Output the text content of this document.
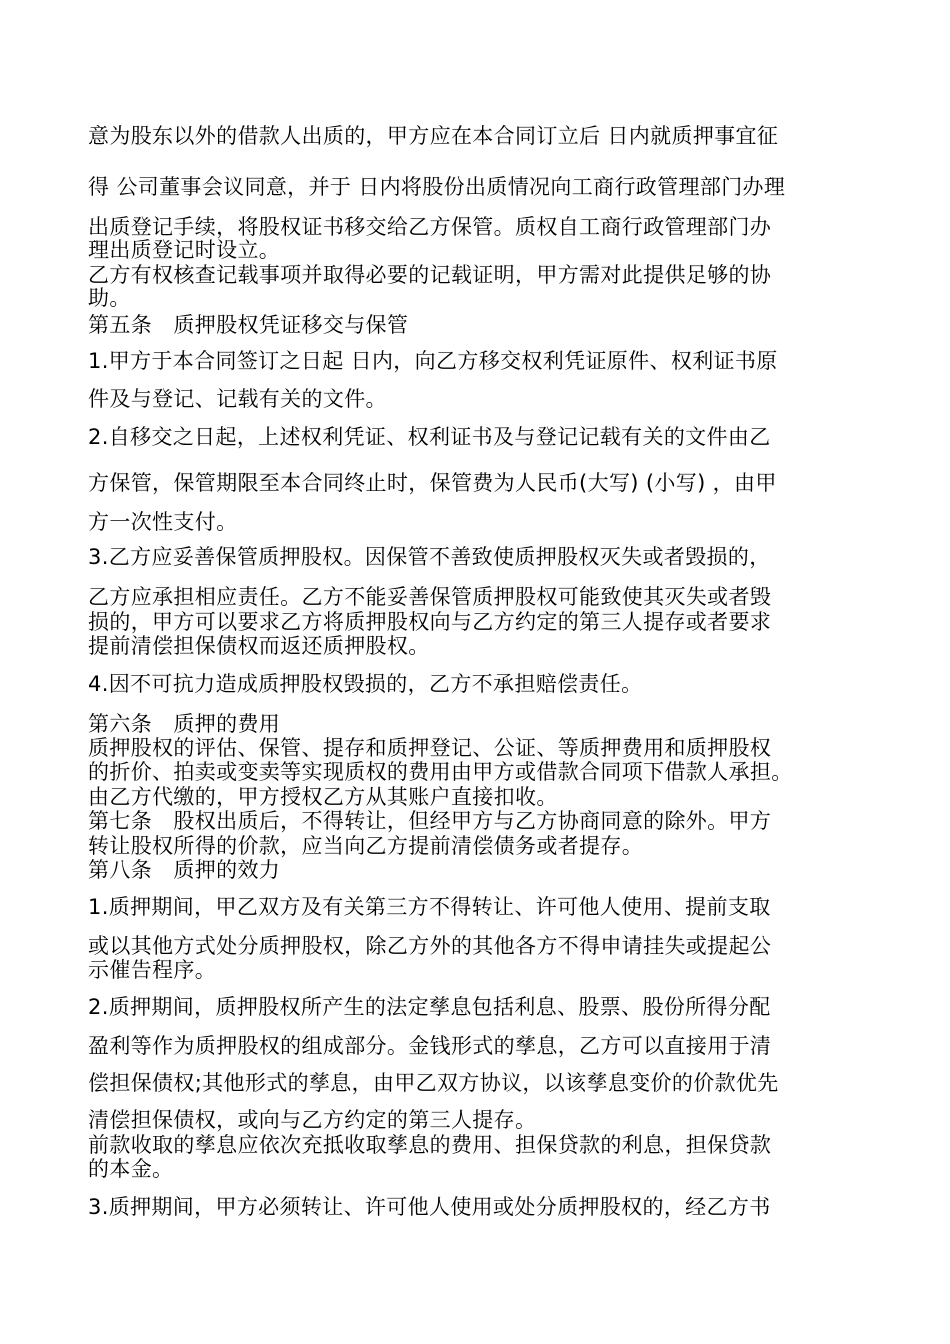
意为股东以外的借款人出质的，甲方应在本合同订立后 日内就质押事宜征

得 公司董事会议同意，并于 日内将股份出质情况向工商行政管理部门办理

出质登记手续，将股权证书移交给乙方保管。质权自工商行政管理部门办

理出质登记时设立。

乙方有权核查记载事项并取得必要的记载证明，甲方需对此提供足够的协

助。

第五条　质押股权凭证移交与保管

1.甲方于本合同签订之日起 日内，向乙方移交权利凭证原件、权利证书原

件及与登记、记载有关的文件。

2.自移交之日起，上述权利凭证、权利证书及与登记记载有关的文件由乙

方保管，保管期限至本合同终止时，保管费为人民币(大写) (小写) ，由甲

方一次性支付。

3.乙方应妥善保管质押股权。因保管不善致使质押股权灭失或者毁损的，

乙方应承担相应责任。乙方不能妥善保管质押股权可能致使其灭失或者毁

损的，甲方可以要求乙方将质押股权向与乙方约定的第三人提存或者要求

提前清偿担保债权而返还质押股权。

4.因不可抗力造成质押股权毁损的，乙方不承担赔偿责任。

第六条　质押的费用

质押股权的评估、保管、提存和质押登记、公证、等质押费用和质押股权

的折价、拍卖或变卖等实现质权的费用由甲方或借款合同项下借款人承担。

由乙方代缴的，甲方授权乙方从其账户直接扣收。

第七条　股权出质后，不得转让，但经甲方与乙方协商同意的除外。甲方

转让股权所得的价款，应当向乙方提前清偿债务或者提存。

第八条　质押的效力

1.质押期间，甲乙双方及有关第三方不得转让、许可他人使用、提前支取

或以其他方式处分质押股权，除乙方外的其他各方不得申请挂失或提起公

示催告程序。

2.质押期间，质押股权所产生的法定孳息包括利息、股票、股份所得分配

盈利等作为质押股权的组成部分。金钱形式的孳息，乙方可以直接用于清

偿担保债权;其他形式的孳息，由甲乙双方协议，以该孳息变价的价款优先

清偿担保债权，或向与乙方约定的第三人提存。

前款收取的孳息应依次充抵收取孳息的费用、担保贷款的利息，担保贷款

的本金。

3.质押期间，甲方必须转让、许可他人使用或处分质押股权的，经乙方书
